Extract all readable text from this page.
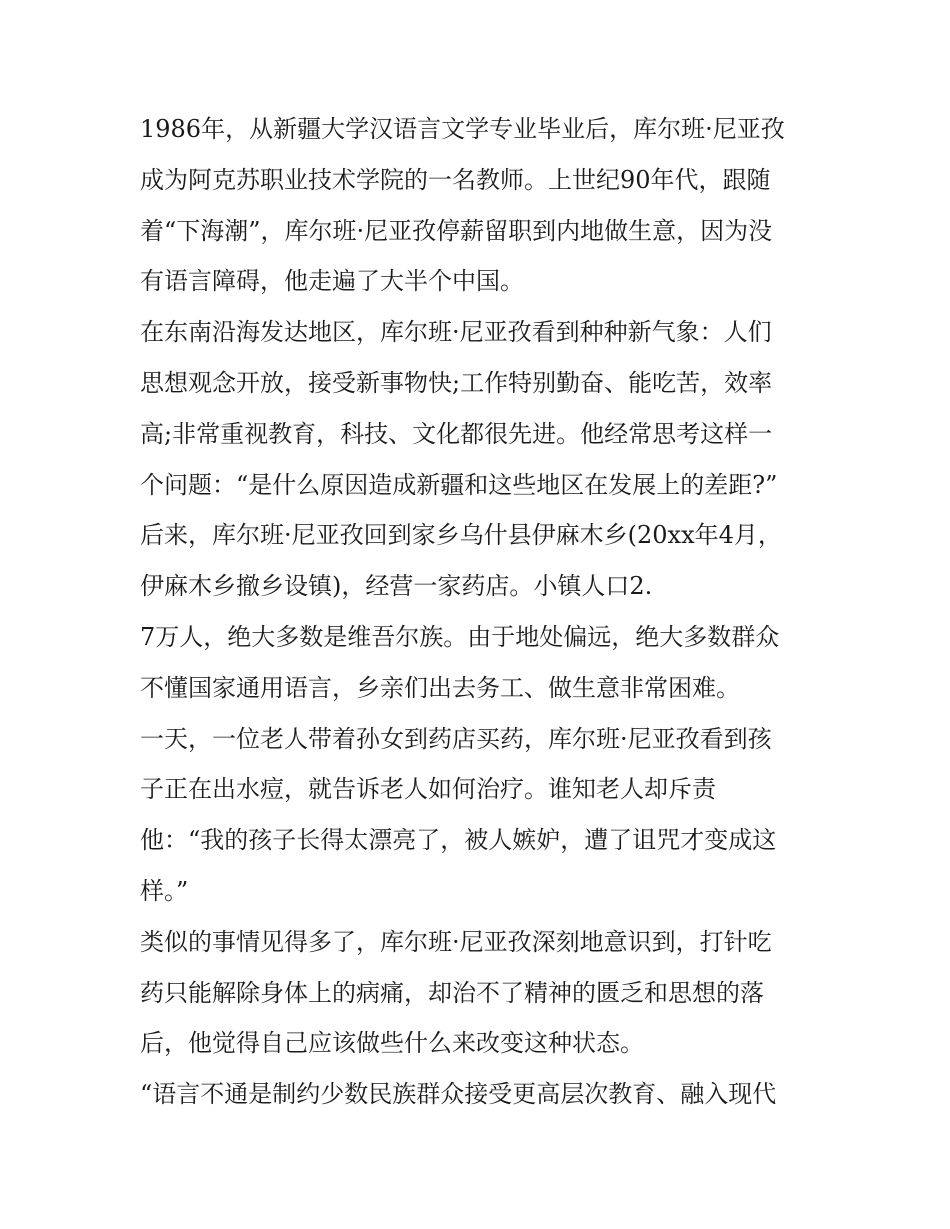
1986年，从新疆大学汉语言文学专业毕业后，库尔班·尼亚孜
成为阿克苏职业技术学院的一名教师。上世纪90年代，跟随
着“下海潮”，库尔班·尼亚孜停薪留职到内地做生意，因为没
有语言障碍，他走遍了大半个中国。
在东南沿海发达地区，库尔班·尼亚孜看到种种新气象：人们
思想观念开放，接受新事物快;工作特别勤奋、能吃苦，效率
高;非常重视教育，科技、文化都很先进。他经常思考这样一
个问题：“是什么原因造成新疆和这些地区在发展上的差距?”
后来，库尔班·尼亚孜回到家乡乌什县伊麻木乡(20xx年4月，
伊麻木乡撤乡设镇)，经营一家药店。小镇人口2.
7万人，绝大多数是维吾尔族。由于地处偏远，绝大多数群众
不懂国家通用语言，乡亲们出去务工、做生意非常困难。
一天，一位老人带着孙女到药店买药，库尔班·尼亚孜看到孩
子正在出水痘，就告诉老人如何治疗。谁知老人却斥责
他：“我的孩子长得太漂亮了，被人嫉妒，遭了诅咒才变成这
样。”
类似的事情见得多了，库尔班·尼亚孜深刻地意识到，打针吃
药只能解除身体上的病痛，却治不了精神的匮乏和思想的落
后，他觉得自己应该做些什么来改变这种状态。
“语言不通是制约少数民族群众接受更高层次教育、融入现代
